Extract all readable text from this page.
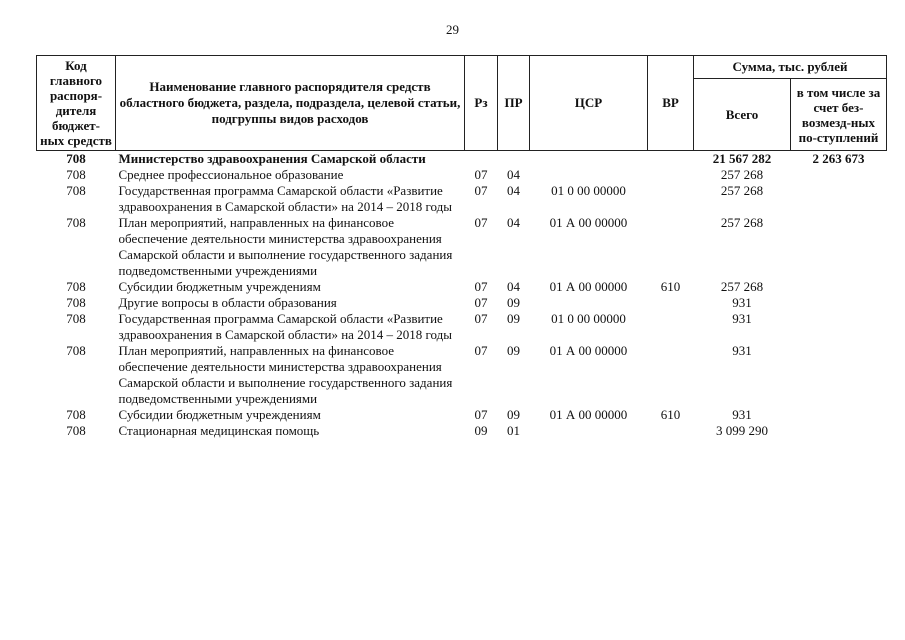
29
Код главного распоря-дителя бюджет-ных средств	Наименование главного распорядителя средств областного бюджета, раздела, подраздела, целевой статьи, подгруппы видов расходов	Рз	ПР	ЦСР	ВР	Сумма, тыс. рублей	
						Всего	в том числе за счет без-возмезд-ных по-ступлений
708	Министерство здравоохранения Самарской области					21 567 282	2 263 673
708	Среднее профессиональное образование	07	04			257 268	
708	Государственная программа Самарской области «Развитие здравоохранения в Самарской области» на 2014 – 2018 годы	07	04	01 0 00 00000		257 268	
708	План мероприятий, направленных на финансовое обеспечение деятельности министерства здравоохранения Самарской области и выполнение государственного задания подведомственными учреждениями	07	04	01 А 00 00000		257 268	
708	Субсидии бюджетным учреждениям	07	04	01 А 00 00000	610	257 268	
708	Другие вопросы в области образования	07	09			931	
708	Государственная программа Самарской области «Развитие здравоохранения в Самарской области» на 2014 – 2018 годы	07	09	01 0 00 00000		931	
708	План мероприятий, направленных на финансовое обеспечение деятельности министерства здравоохранения Самарской области и выполнение государственного задания подведомственными учреждениями	07	09	01 А 00 00000		931	
708	Субсидии бюджетным учреждениям	07	09	01 А 00 00000	610	931	
708	Стационарная медицинская помощь	09	01			3 099 290	
